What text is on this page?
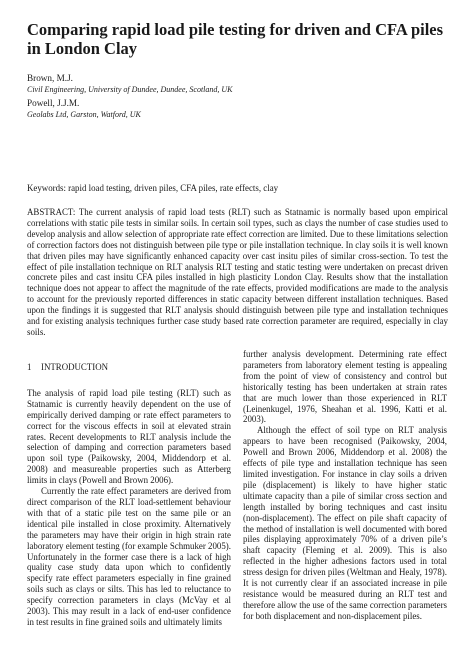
Comparing rapid load pile testing for driven and CFA piles in London Clay
Brown, M.J.
Civil Engineering, University of Dundee, Dundee, Scotland, UK
Powell, J.J.M.
Geolabs Ltd, Garston, Watford, UK
Keywords: rapid load testing, driven piles, CFA piles, rate effects, clay

ABSTRACT: The current analysis of rapid load tests (RLT) such as Statnamic is normally based upon empirical correlations with static pile tests in similar soils. In certain soil types, such as clays the number of case studies used to develop analysis and allow selection of appropriate rate effect correction are limited. Due to these limitations selection of correction factors does not distinguish between pile type or pile installation technique. In clay soils it is well known that driven piles may have significantly enhanced capacity over cast insitu piles of similar cross-section. To test the effect of pile installation technique on RLT analysis RLT testing and static testing were undertaken on precast driven concrete piles and cast insitu CFA piles installed in high plasticity London Clay. Results show that the installation technique does not appear to affect the magnitude of the rate effects, provided modifications are made to the analysis to account for the previously reported differences in static capacity between different installation techniques. Based upon the findings it is suggested that RLT analysis should distinguish between pile type and installation techniques and for existing analysis techniques further case study based rate correction parameter are required, especially in clay soils.

1 INTRODUCTION

The analysis of rapid load pile testing (RLT) such as Statnamic is currently heavily dependent on the use of empirically derived damping or rate effect parameters to correct for the viscous effects in soil at elevated strain rates. Recent developments to RLT analysis include the selection of damping and correction parameters based upon soil type (Paikowsky, 2004, Middendorp et al. 2008) and measureable properties such as Atterberg limits in clays (Powell and Brown 2006).

Currently the rate effect parameters are derived from direct comparison of the RLT load-settlement behaviour with that of a static pile test on the same pile or an identical pile installed in close proximity. Alternatively the parameters may have their origin in high strain rate laboratory element testing (for example Schmuker 2005). Unfortunately in the former case there is a lack of high quality case study data upon which to confidently specify rate effect parameters especially in fine grained soils such as clays or silts. This has led to reluctance to specify correction parameters in clays (McVay et al 2003). This may result in a lack of end-user confidence in test results in fine grained soils and ultimately limits

further analysis development. Determining rate effect parameters from laboratory element testing is appealing from the point of view of consistency and control but historically testing has been undertaken at strain rates that are much lower than those experienced in RLT (Leinenkugel, 1976, Sheahan et al. 1996, Katti et al. 2003).

Although the effect of soil type on RLT analysis appears to have been recognised (Paikowsky, 2004, Powell and Brown 2006, Middendorp et al. 2008) the effects of pile type and installation technique has seen limited investigation. For instance in clay soils a driven pile (displacement) is likely to have higher static ultimate capacity than a pile of similar cross section and length installed by boring techniques and cast insitu (non-displacement). The effect on pile shaft capacity of the method of installation is well documented with bored piles displaying approximately 70% of a driven pile’s shaft capacity (Fleming et al. 2009). This is also reflected in the higher adhesions factors used in total stress design for driven piles (Weltman and Healy, 1978). It is not currently clear if an associated increase in pile resistance would be measured during an RLT test and therefore allow the use of the same correction parameters for both displacement and non-displacement piles.
